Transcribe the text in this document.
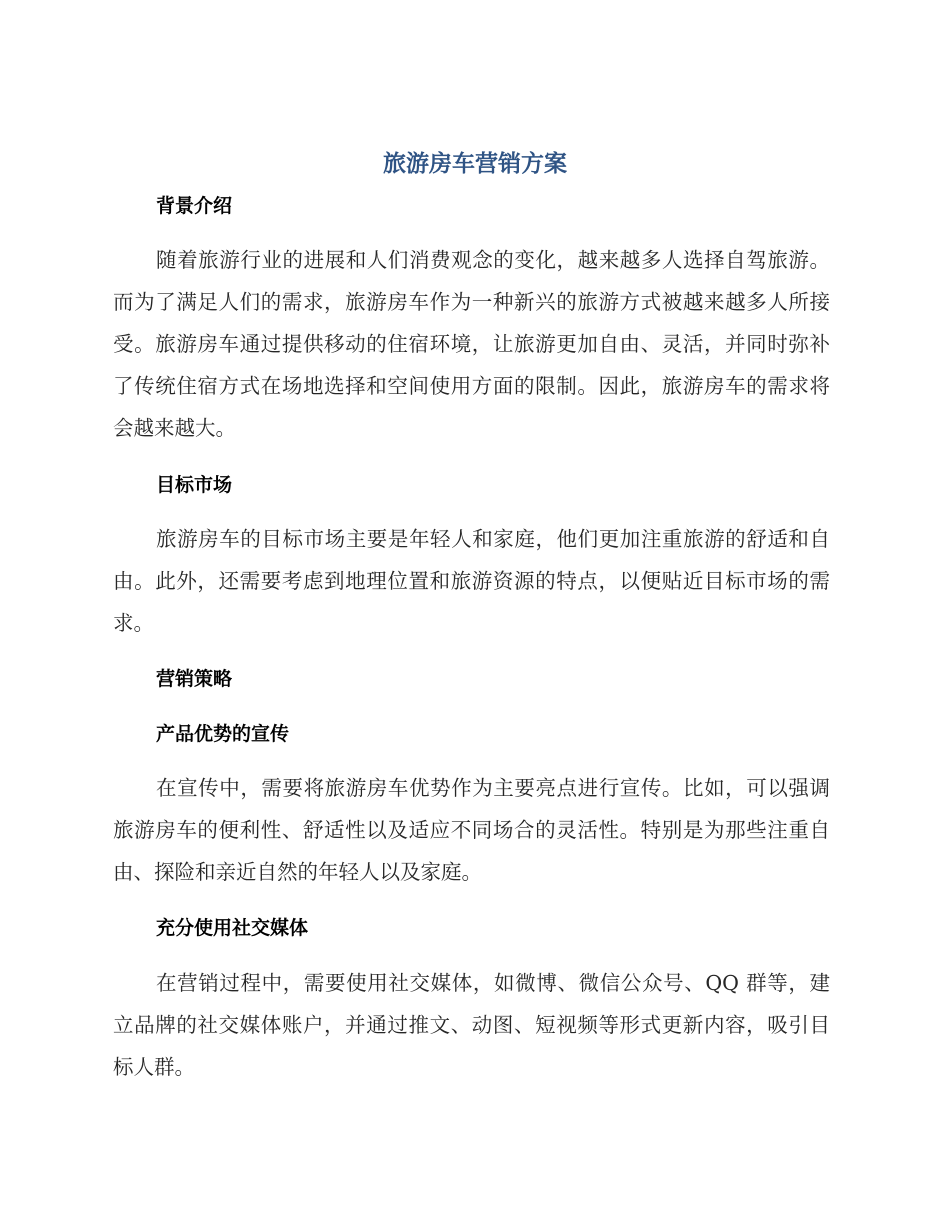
旅游房车营销方案
背景介绍

随着旅游行业的进展和人们消费观念的变化，越来越多人选择自驾旅游。而为了满足人们的需求，旅游房车作为一种新兴的旅游方式被越来越多人所接受。旅游房车通过提供移动的住宿环境，让旅游更加自由、灵活，并同时弥补了传统住宿方式在场地选择和空间使用方面的限制。因此，旅游房车的需求将会越来越大。

目标市场

旅游房车的目标市场主要是年轻人和家庭，他们更加注重旅游的舒适和自由。此外，还需要考虑到地理位置和旅游资源的特点，以便贴近目标市场的需求。

营销策略
产品优势的宣传

在宣传中，需要将旅游房车优势作为主要亮点进行宣传。比如，可以强调旅游房车的便利性、舒适性以及适应不同场合的灵活性。特别是为那些注重自由、探险和亲近自然的年轻人以及家庭。

充分使用社交媒体

在营销过程中，需要使用社交媒体，如微博、微信公众号、QQ 群等，建立品牌的社交媒体账户，并通过推文、动图、短视频等形式更新内容，吸引目标人群。
